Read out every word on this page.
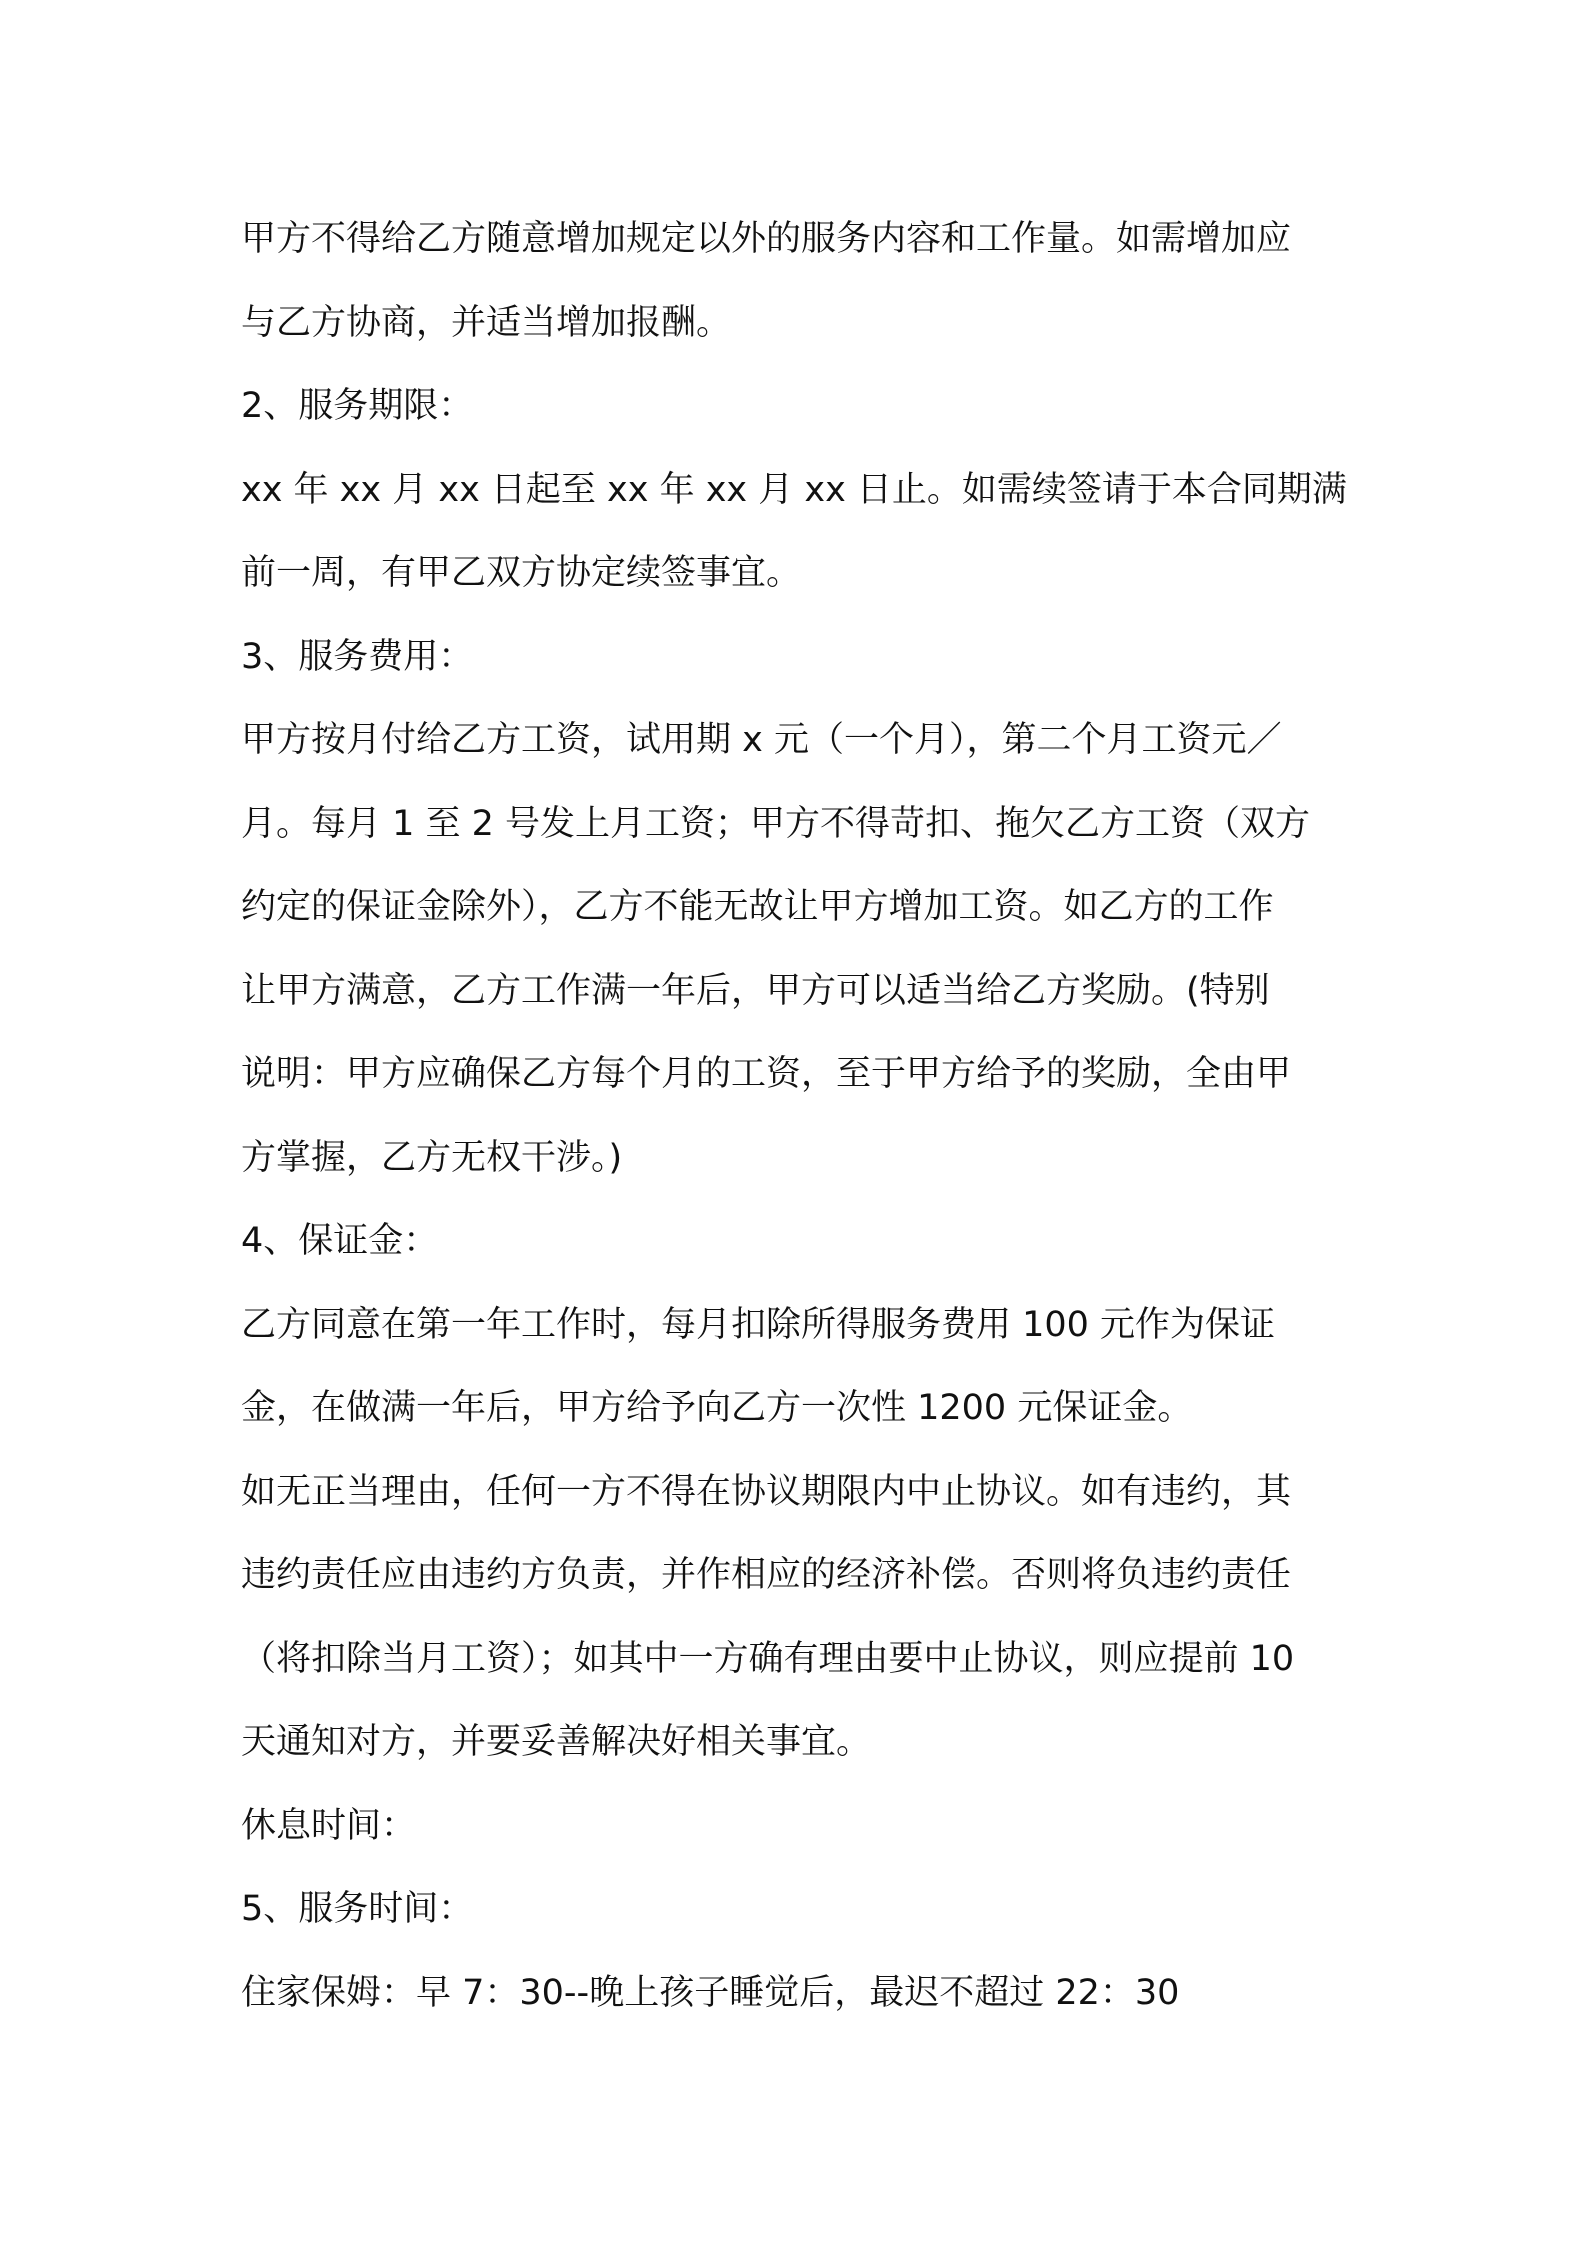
甲方不得给乙方随意增加规定以外的服务内容和工作量。如需增加应
与乙方协商，并适当增加报酬。
2、服务期限：
xx 年 xx 月 xx 日起至 xx 年 xx 月 xx 日止。如需续签请于本合同期满
前一周，有甲乙双方协定续签事宜。
3、服务费用：
甲方按月付给乙方工资，试用期 x 元（一个月），第二个月工资元／
月。每月 1 至 2 号发上月工资；甲方不得苛扣、拖欠乙方工资（双方
约定的保证金除外），乙方不能无故让甲方增加工资。如乙方的工作
让甲方满意，乙方工作满一年后，甲方可以适当给乙方奖励。(特别
说明：甲方应确保乙方每个月的工资，至于甲方给予的奖励，全由甲
方掌握，乙方无权干涉。)
4、保证金：
乙方同意在第一年工作时，每月扣除所得服务费用 100 元作为保证
金，在做满一年后，甲方给予向乙方一次性 1200 元保证金。
如无正当理由，任何一方不得在协议期限内中止协议。如有违约，其
违约责任应由违约方负责，并作相应的经济补偿。否则将负违约责任
（将扣除当月工资）；如其中一方确有理由要中止协议，则应提前 10
天通知对方，并要妥善解决好相关事宜。
休息时间：
5、服务时间：
住家保姆：早 7：30--晚上孩子睡觉后，最迟不超过 22：30
